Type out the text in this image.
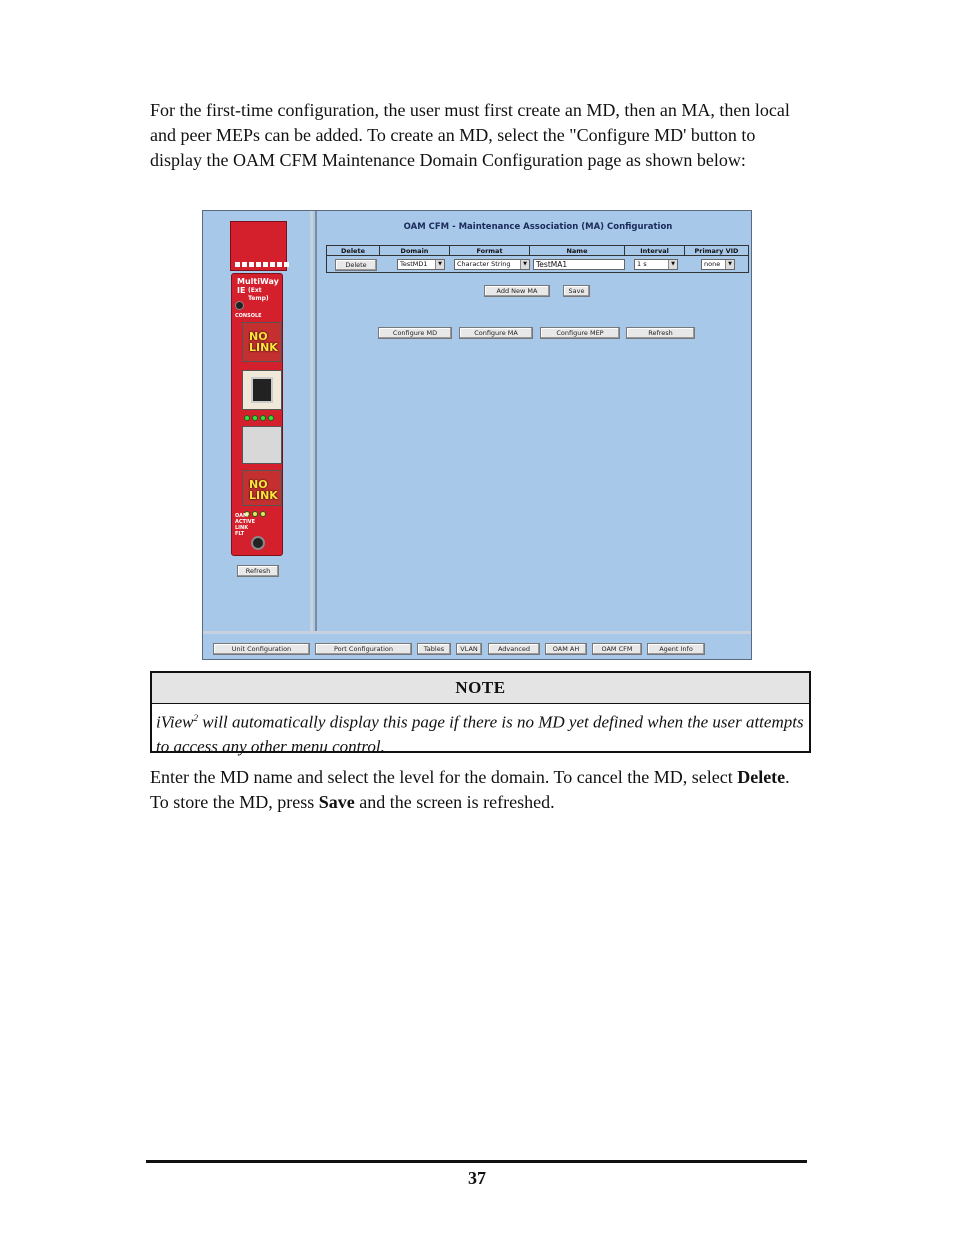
For the first-time configuration, the user must first create an MD, then an MA, then local and peer MEPs can be added. To create an MD, select the "Configure MD' button to display the OAM CFM Maintenance Domain Configuration page as shown below:

MultiWay
IE (Ext Temp)
CONSOLE
NO LINK
NO LINK
OAM
ACTIVE
LINK
FLT
Refresh
OAM CFM - Maintenance Association (MA) Configuration
Delete	Domain	Format	Name	Interval	Primary VID
Delete	TestMD1	▼	Character String	▼	TestMA1	1 s	▼	none	▼
Add New MA	Save
Configure MD	Configure MA	Configure MEP	Refresh
Unit Configuration	Port Configuration	Tables	VLAN	Advanced	OAM AH	OAM CFM	Agent Info
NOTE
iView$^2$ will automatically display this page if there is no MD yet defined when the user attempts to access any other menu control.

Enter the MD name and select the level for the domain. To cancel the MD, select Delete. To store the MD, press Save and the screen is refreshed.

37
